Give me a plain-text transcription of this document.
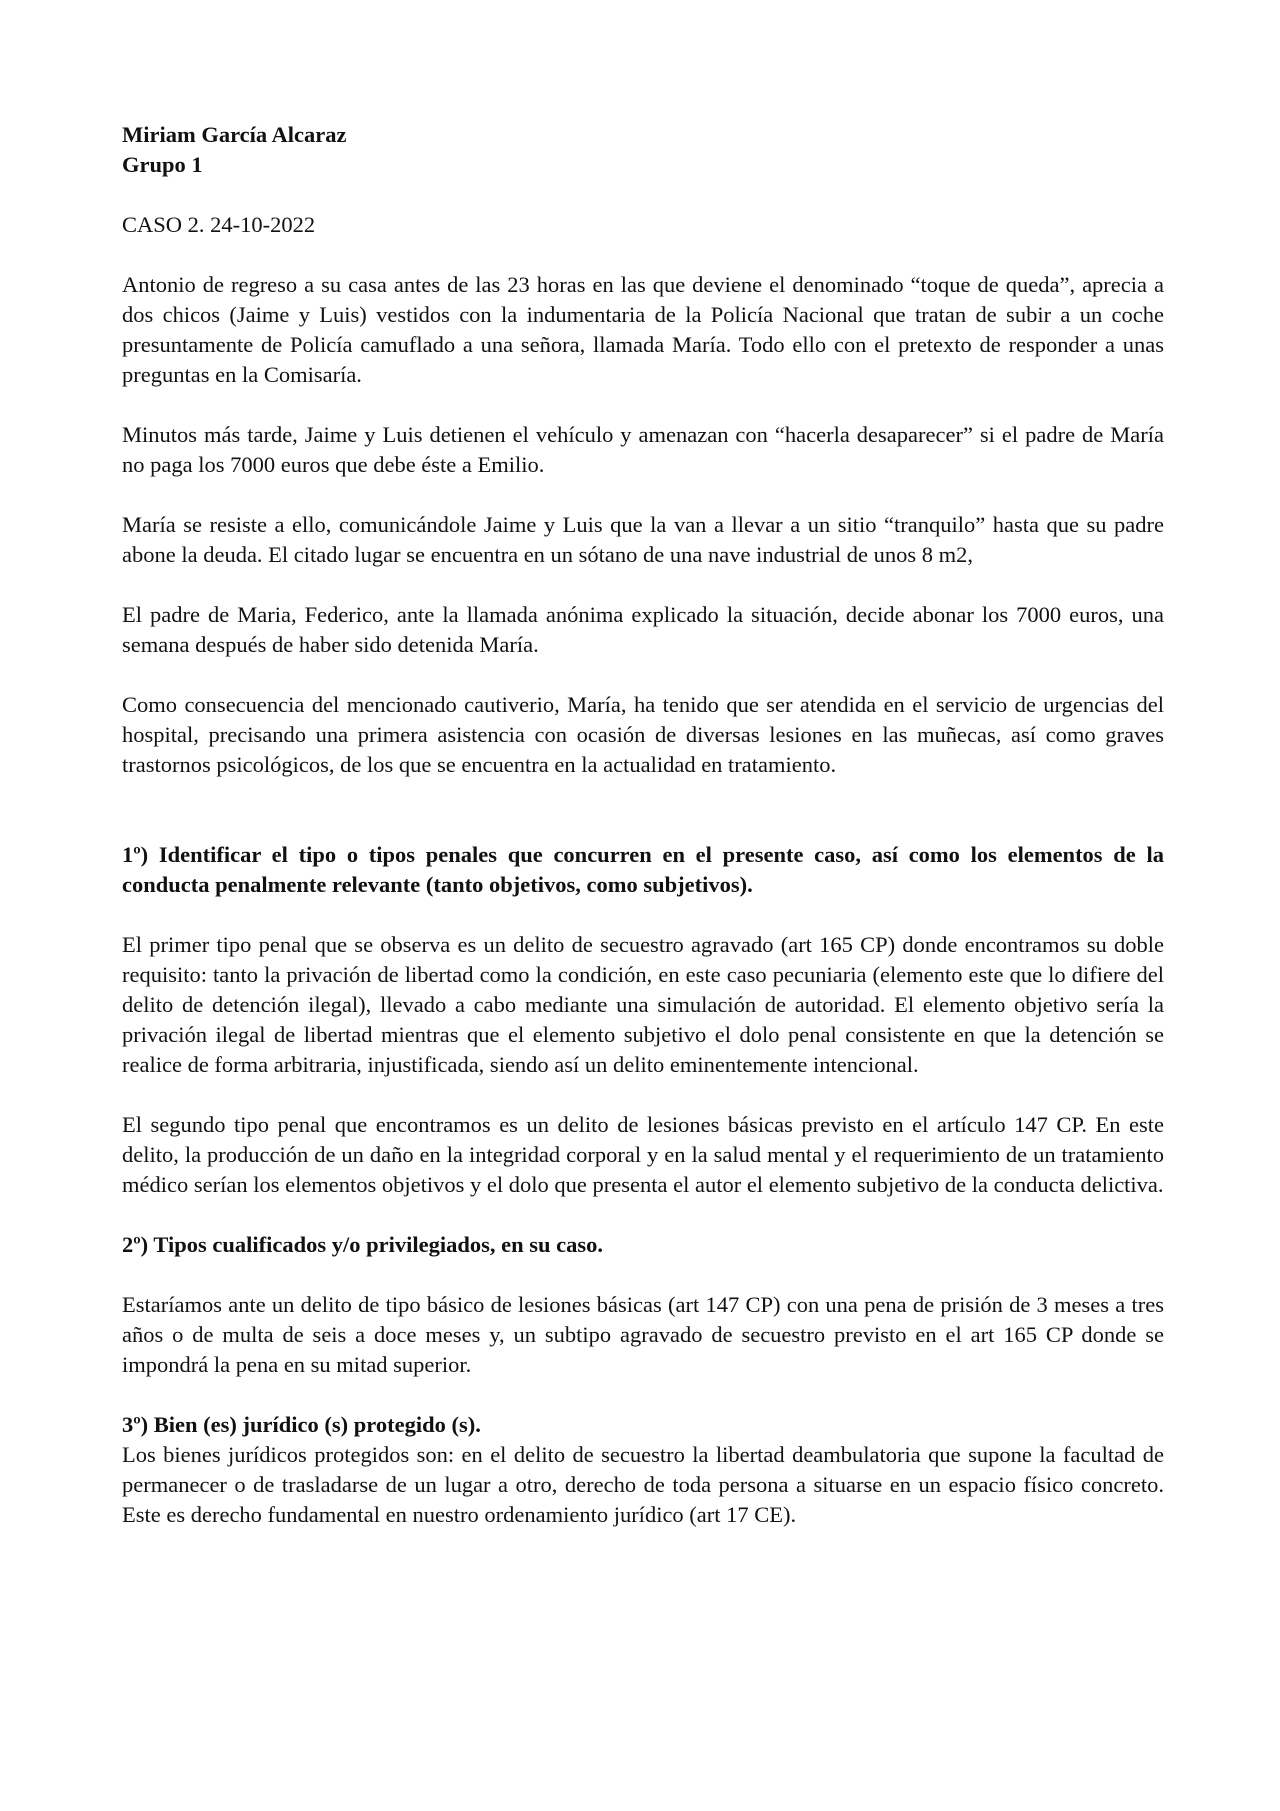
Miriam García Alcaraz

Grupo 1

CASO 2. 24-10-2022

Antonio de regreso a su casa antes de las 23 horas en las que deviene el denominado “toque de queda”, aprecia a dos chicos (Jaime y Luis) vestidos con la indumentaria de la Policía Nacional que tratan de subir a un coche presuntamente de Policía camuflado a una señora, llamada María. Todo ello con el pretexto de responder a unas preguntas en la Comisaría.

Minutos más tarde, Jaime y Luis detienen el vehículo y amenazan con “hacerla desaparecer” si el padre de María no paga los 7000 euros que debe éste a Emilio.

María se resiste a ello, comunicándole Jaime y Luis que la van a llevar a un sitio “tranquilo” hasta que su padre abone la deuda. El citado lugar se encuentra en un sótano de una nave industrial de unos 8 m2,

El padre de Maria, Federico, ante la llamada anónima explicado la situación, decide abonar los 7000 euros, una semana después de haber sido detenida María.

Como consecuencia del mencionado cautiverio, María, ha tenido que ser atendida en el servicio de urgencias del hospital, precisando una primera asistencia con ocasión de diversas lesiones en las muñecas, así como graves trastornos psicológicos, de los que se encuentra en la actualidad en tratamiento.

1º) Identificar el tipo o tipos penales que concurren en el presente caso, así como los elementos de la conducta penalmente relevante (tanto objetivos, como subjetivos).

El primer tipo penal que se observa es un delito de secuestro agravado (art 165 CP) donde encontramos su doble requisito: tanto la privación de libertad como la condición, en este caso pecuniaria (elemento este que lo difiere del delito de detención ilegal), llevado a cabo mediante una simulación de autoridad. El elemento objetivo sería la privación ilegal de libertad mientras que el elemento subjetivo el dolo penal consistente en que la detención se realice de forma arbitraria, injustificada, siendo así un delito eminentemente intencional.

El segundo tipo penal que encontramos es un delito de lesiones básicas previsto en el artículo 147 CP. En este delito, la producción de un daño en la integridad corporal y en la salud mental y el requerimiento de un tratamiento médico serían los elementos objetivos y el dolo que presenta el autor el elemento subjetivo de la conducta delictiva.

2º) Tipos cualificados y/o privilegiados, en su caso.

Estaríamos ante un delito de tipo básico de lesiones básicas (art 147 CP) con una pena de prisión de 3 meses a tres años o de multa de seis a doce meses y, un subtipo agravado de secuestro previsto en el art 165 CP donde se impondrá la pena en su mitad superior.

3º) Bien (es) jurídico (s) protegido (s).

Los bienes jurídicos protegidos son: en el delito de secuestro la libertad deambulatoria que supone la facultad de permanecer o de trasladarse de un lugar a otro, derecho de toda persona a situarse en un espacio físico concreto. Este es derecho fundamental en nuestro ordenamiento jurídico (art 17 CE).
